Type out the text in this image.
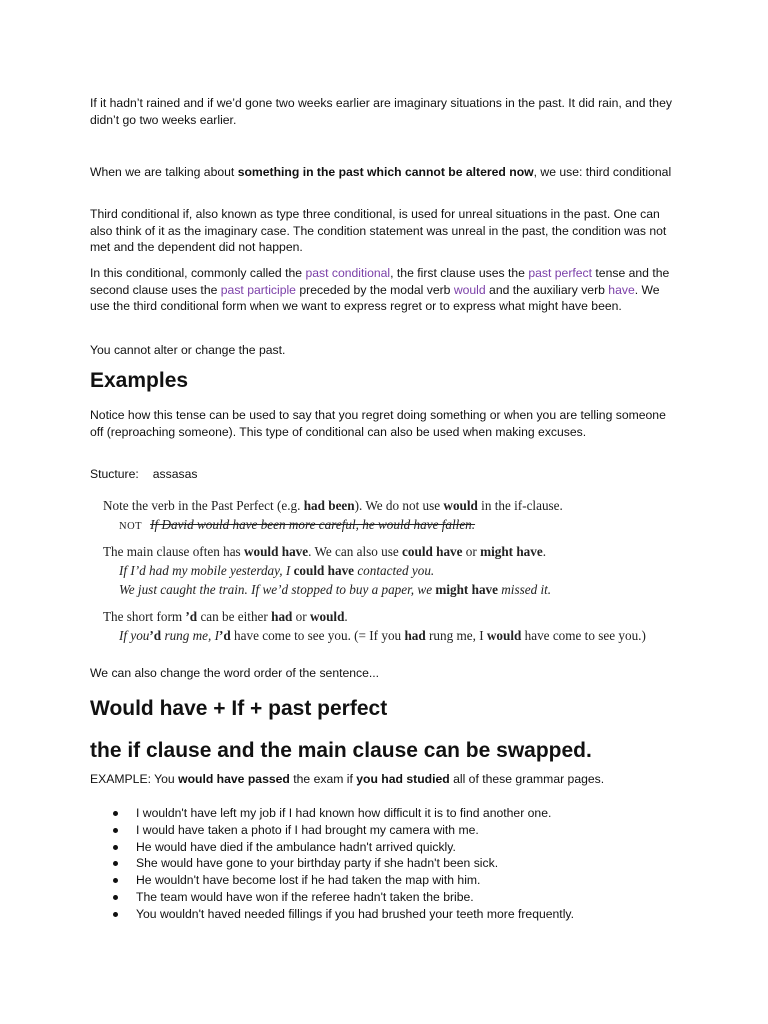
If it hadn’t rained and if we’d gone two weeks earlier are imaginary situations in the past. It did rain, and they didn’t go two weeks earlier.

When we are talking about something in the past which cannot be altered now, we use: third conditional

Third conditional if, also known as type three conditional, is used for unreal situations in the past. One can also think of it as the imaginary case. The condition statement was unreal in the past, the condition was not met and the dependent did not happen.

In this conditional, commonly called the past conditional, the first clause uses the past perfect tense and the second clause uses the past participle preceded by the modal verb would and the auxiliary verb have. We use the third conditional form when we want to express regret or to express what might have been.

You cannot alter or change the past.

Examples

Notice how this tense can be used to say that you regret doing something or when you are telling someone off (reproaching someone). This type of conditional can also be used when making excuses.

Stucture: assasas

Note the verb in the Past Perfect (e.g. had been). We do not use would in the if-clause.
NOT If David would have been more careful, he would have fallen.
The main clause often has would have. We can also use could have or might have.
If I’d had my mobile yesterday, I could have contacted you.
We just caught the train. If we’d stopped to buy a paper, we might have missed it.
The short form ’d can be either had or would.
If you’d rung me, I’d have come to see you. (= If you had rung me, I would have come to see you.)

We can also change the word order of the sentence...

Would have + If + past perfect
the if clause and the main clause can be swapped.

EXAMPLE: You would have passed the exam if you had studied all of these grammar pages.

I wouldn't have left my job if I had known how difficult it is to find another one.
I would have taken a photo if I had brought my camera with me.
He would have died if the ambulance hadn't arrived quickly.
She would have gone to your birthday party if she hadn't been sick.
He wouldn't have become lost if he had taken the map with him.
The team would have won if the referee hadn't taken the bribe.
You wouldn't haved needed fillings if you had brushed your teeth more frequently.
